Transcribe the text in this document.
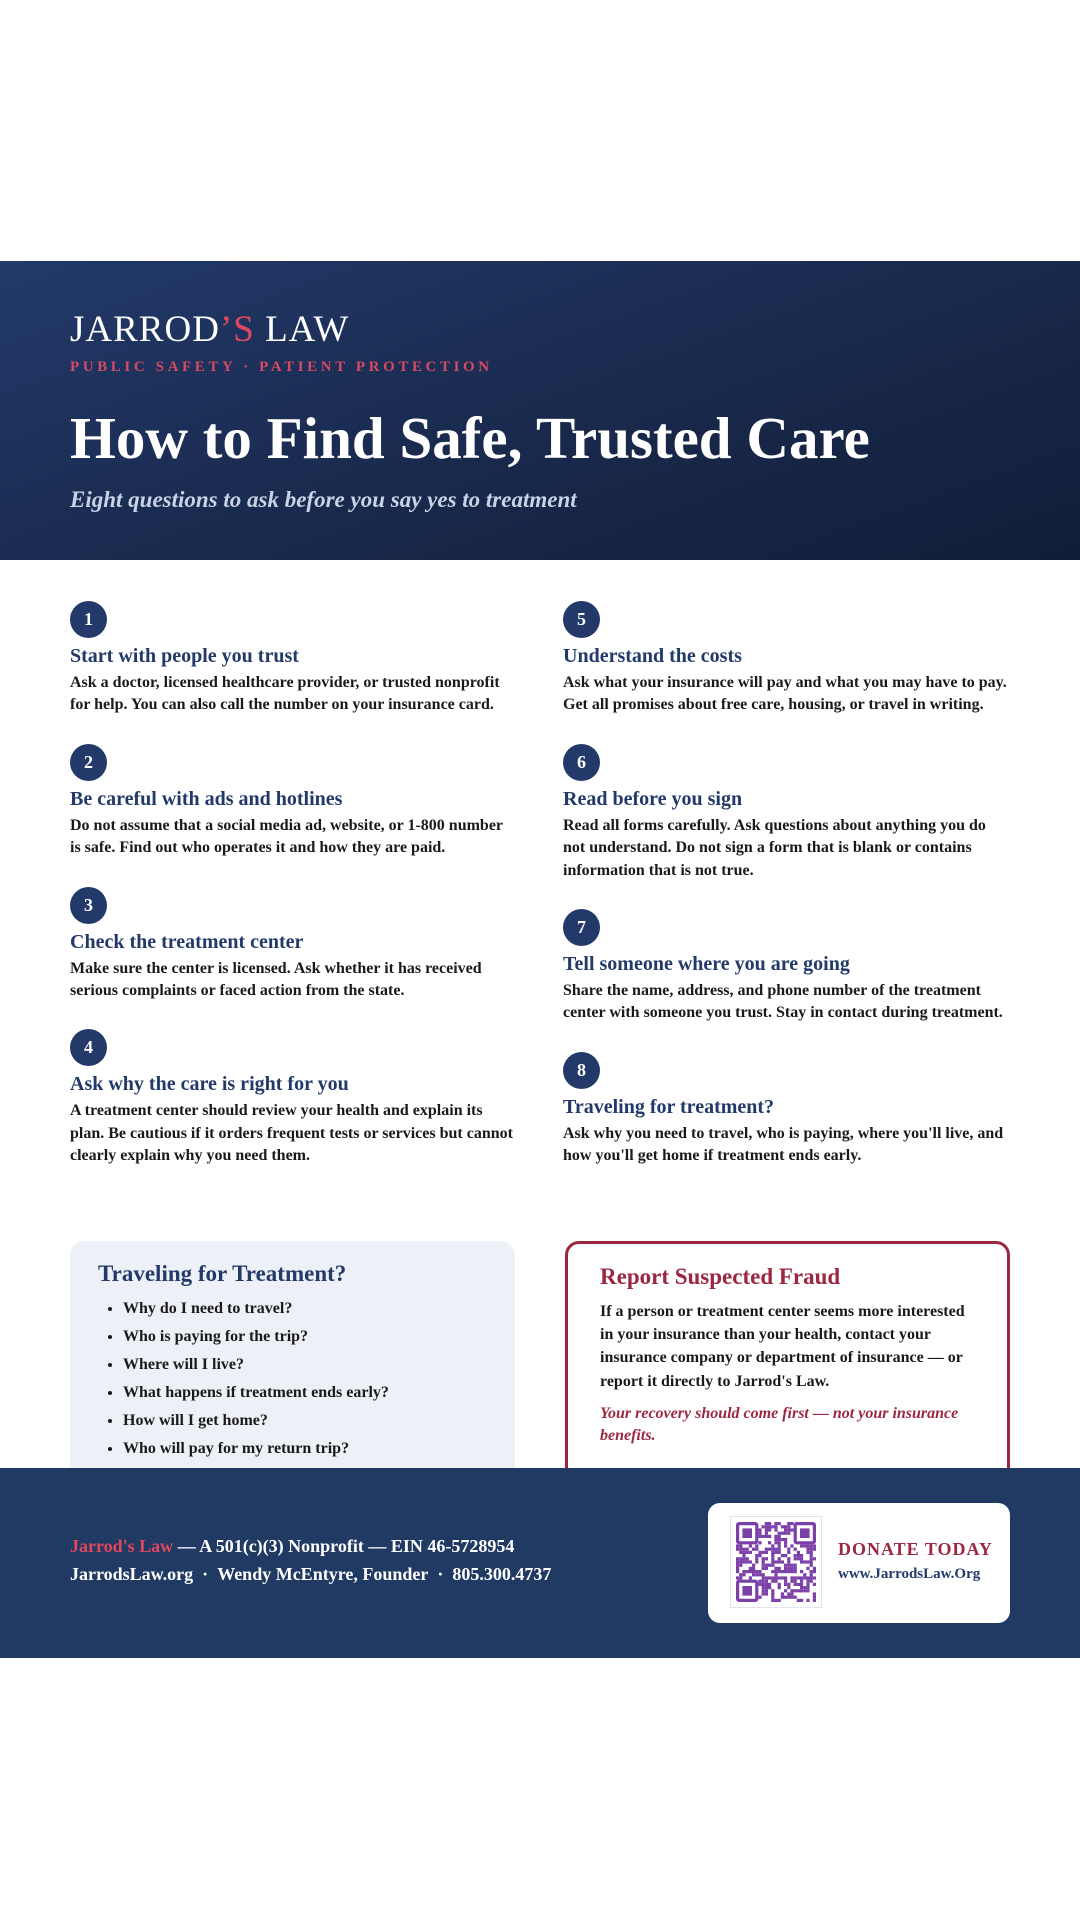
JARROD’S LAW
PUBLIC SAFETY · PATIENT PROTECTION
How to Find Safe, Trusted Care
Eight questions to ask before you say yes to treatment
1
Start with people you trust

Ask a doctor, licensed healthcare provider, or trusted nonprofit for help. You can also call the number on your insurance card.

2
Be careful with ads and hotlines

Do not assume that a social media ad, website, or 1-800 number is safe. Find out who operates it and how they are paid.

3
Check the treatment center

Make sure the center is licensed. Ask whether it has received serious complaints or faced action from the state.

4
Ask why the care is right for you

A treatment center should review your health and explain its plan. Be cautious if it orders frequent tests or services but cannot clearly explain why you need them.

5
Understand the costs

Ask what your insurance will pay and what you may have to pay. Get all promises about free care, housing, or travel in writing.

6
Read before you sign

Read all forms carefully. Ask questions about anything you do not understand. Do not sign a form that is blank or contains information that is not true.

7
Tell someone where you are going

Share the name, address, and phone number of the treatment center with someone you trust. Stay in contact during treatment.

8
Traveling for treatment?

Ask why you need to travel, who is paying, where you'll live, and how you'll get home if treatment ends early.

Traveling for Treatment?
• Why do I need to travel?
• Who is paying for the trip?
• Where will I live?
• What happens if treatment ends early?
• How will I get home?
• Who will pay for my return trip?
Report Suspected Fraud

If a person or treatment center seems more interested in your insurance than your health, contact your insurance company or department of insurance — or report it directly to Jarrod's Law.

Your recovery should come first — not your insurance benefits.

Jarrod's Law — A 501(c)(3) Nonprofit — EIN 46-5728954
JarrodsLaw.org · Wendy McEntyre, Founder · 805.300.4737
DONATE TODAY
www.JarrodsLaw.Org
